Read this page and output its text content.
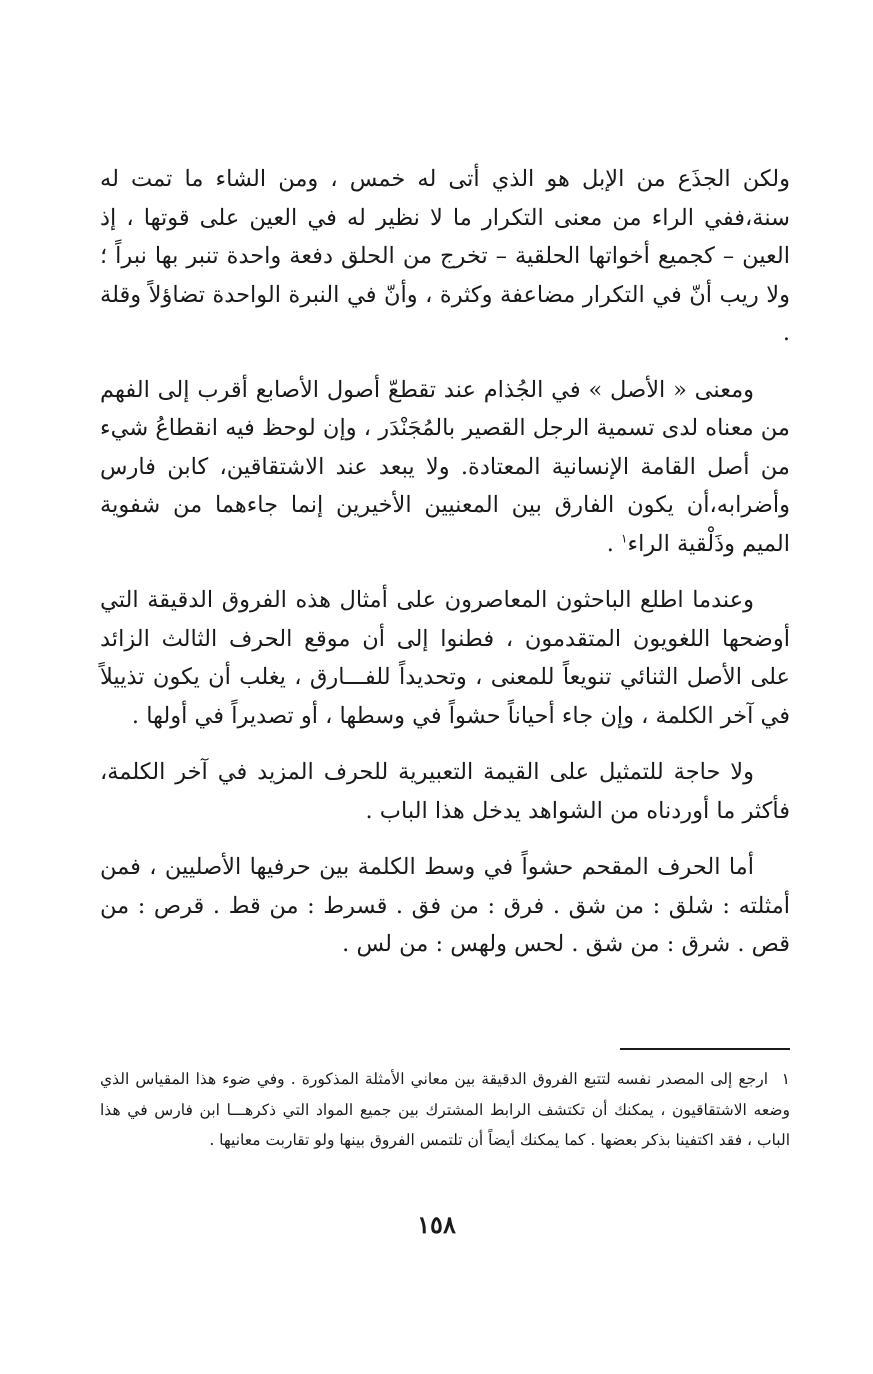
ولكن الجذَع من الإبل هو الذي أتى له خمس ، ومن الشاء ما تمت له سنة،ففي الراء من معنى التكرار ما لا نظير له في العين على قوتها ، إذ العين – كجميع أخواتها الحلقية – تخرج من الحلق دفعة واحدة تنبر بها نبراً ؛ ولا ريب أنّ في التكرار مضاعفة وكثرة ، وأنّ في النبرة الواحدة تضاؤلاً وقلة .

ومعنى « الأصل » في الجُذام عند تقطعّ أصول الأصابع أقرب إلى الفهم من معناه لدى تسمية الرجل القصير بالمُجَنْدَر ، وإن لوحظ فيه انقطاعُ شيء من أصل القامة الإنسانية المعتادة. ولا يبعد عند الاشتقاقين، كابن فارس وأضرابه،أن يكون الفارق بين المعنيين الأخيرين إنما جاءهما من شفوية الميم وذَلْقية الراء$^١$ .

وعندما اطلع الباحثون المعاصرون على أمثال هذه الفروق الدقيقة التي أوضحها اللغويون المتقدمون ، فطنوا إلى أن موقع الحرف الثالث الزائد على الأصل الثنائي تنويعاً للمعنى ، وتحديداً للفـــارق ، يغلب أن يكون تذييلاً في آخر الكلمة ، وإن جاء أحياناً حشواً في وسطها ، أو تصديراً في أولها .

ولا حاجة للتمثيل على القيمة التعبيرية للحرف المزيد في آخر الكلمة، فأكثر ما أوردناه من الشواهد يدخل هذا الباب .

أما الحرف المقحم حشواً في وسط الكلمة بين حرفيها الأصليين ، فمن أمثلته : شلق : من شق . فرق : من فق . قسرط : من قط . قرص : من قص . شرق : من شق . لحس ولهس : من لس .

١ارجع إلى المصدر نفسه لتتبع الفروق الدقيقة بين معاني الأمثلة المذكورة . وفي ضوء هذا المقياس الذي وضعه الاشتقاقيون ، يمكنك أن تكتشف الرابط المشترك بين جميع المواد التي ذكرهـــا ابن فارس في هذا الباب ، فقد اكتفينا بذكر بعضها . كما يمكنك أيضاً أن تلتمس الفروق بينها ولو تقاربت معانيها .
١٥٨
